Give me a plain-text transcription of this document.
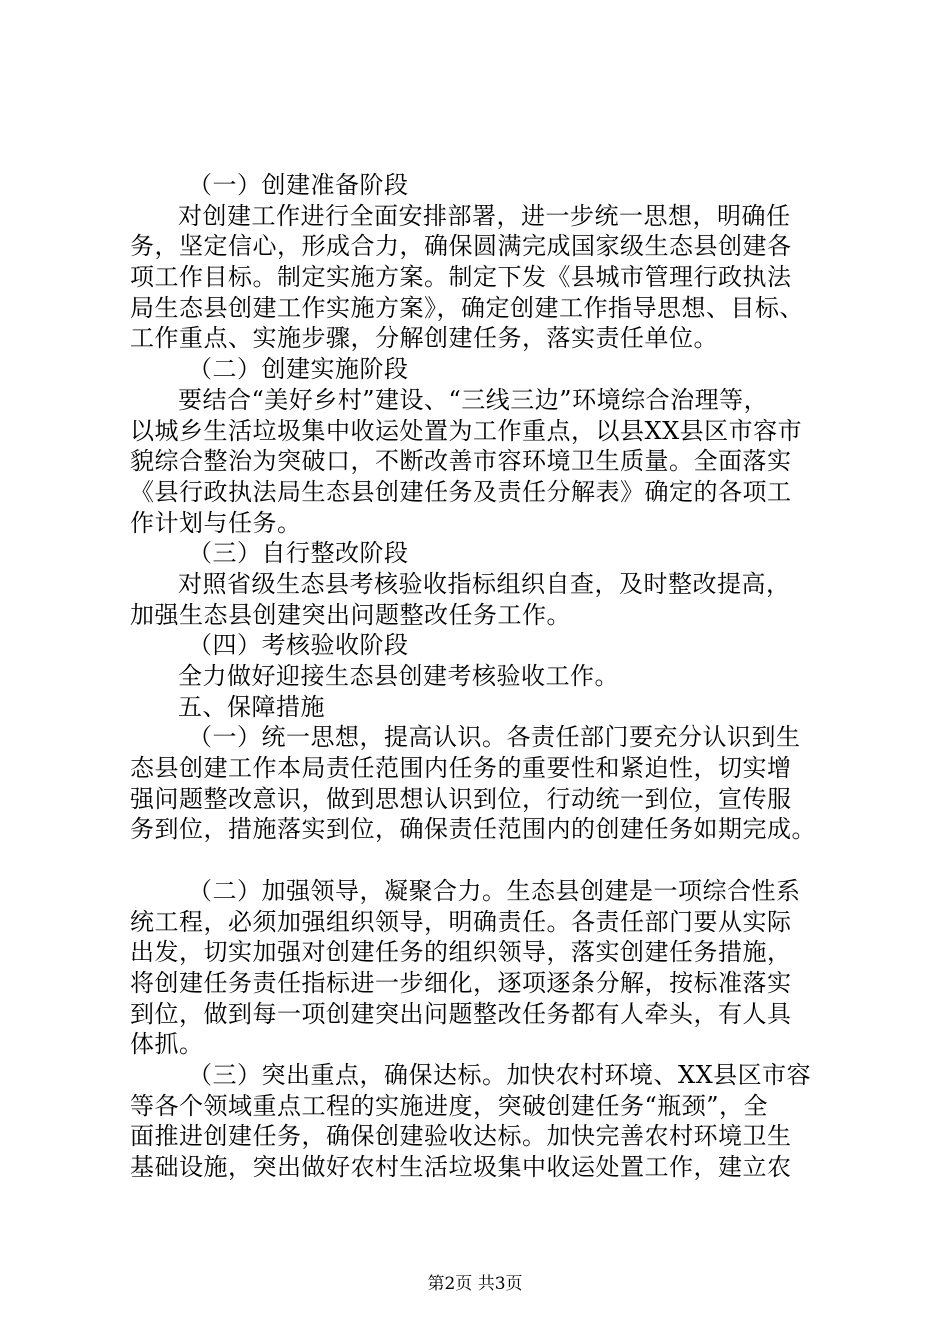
（一）创建准备阶段
对创建工作进行全面安排部署，进一步统一思想，明确任
务，坚定信心，形成合力，确保圆满完成国家级生态县创建各
项工作目标。制定实施方案。制定下发《县城市管理行政执法
局生态县创建工作实施方案》，确定创建工作指导思想、目标、
工作重点、实施步骤，分解创建任务，落实责任单位。
（二）创建实施阶段
要结合“美好乡村”建设、“三线三边”环境综合治理等，
以城乡生活垃圾集中收运处置为工作重点，以县XX县区市容市
貌综合整治为突破口，不断改善市容环境卫生质量。全面落实
《县行政执法局生态县创建任务及责任分解表》确定的各项工
作计划与任务。
（三）自行整改阶段
对照省级生态县考核验收指标组织自查，及时整改提高，
加强生态县创建突出问题整改任务工作。
（四）考核验收阶段
全力做好迎接生态县创建考核验收工作。
五、保障措施
（一）统一思想，提高认识。各责任部门要充分认识到生
态县创建工作本局责任范围内任务的重要性和紧迫性，切实增
强问题整改意识，做到思想认识到位，行动统一到位，宣传服
务到位，措施落实到位，确保责任范围内的创建任务如期完成。
（二）加强领导，凝聚合力。生态县创建是一项综合性系
统工程，必须加强组织领导，明确责任。各责任部门要从实际
出发，切实加强对创建任务的组织领导，落实创建任务措施，
将创建任务责任指标进一步细化，逐项逐条分解，按标准落实
到位，做到每一项创建突出问题整改任务都有人牵头，有人具
体抓。
（三）突出重点，确保达标。加快农村环境、XX县区市容
等各个领域重点工程的实施进度，突破创建任务“瓶颈”，全
面推进创建任务，确保创建验收达标。加快完善农村环境卫生
基础设施，突出做好农村生活垃圾集中收运处置工作，建立农
第2页 共3页
